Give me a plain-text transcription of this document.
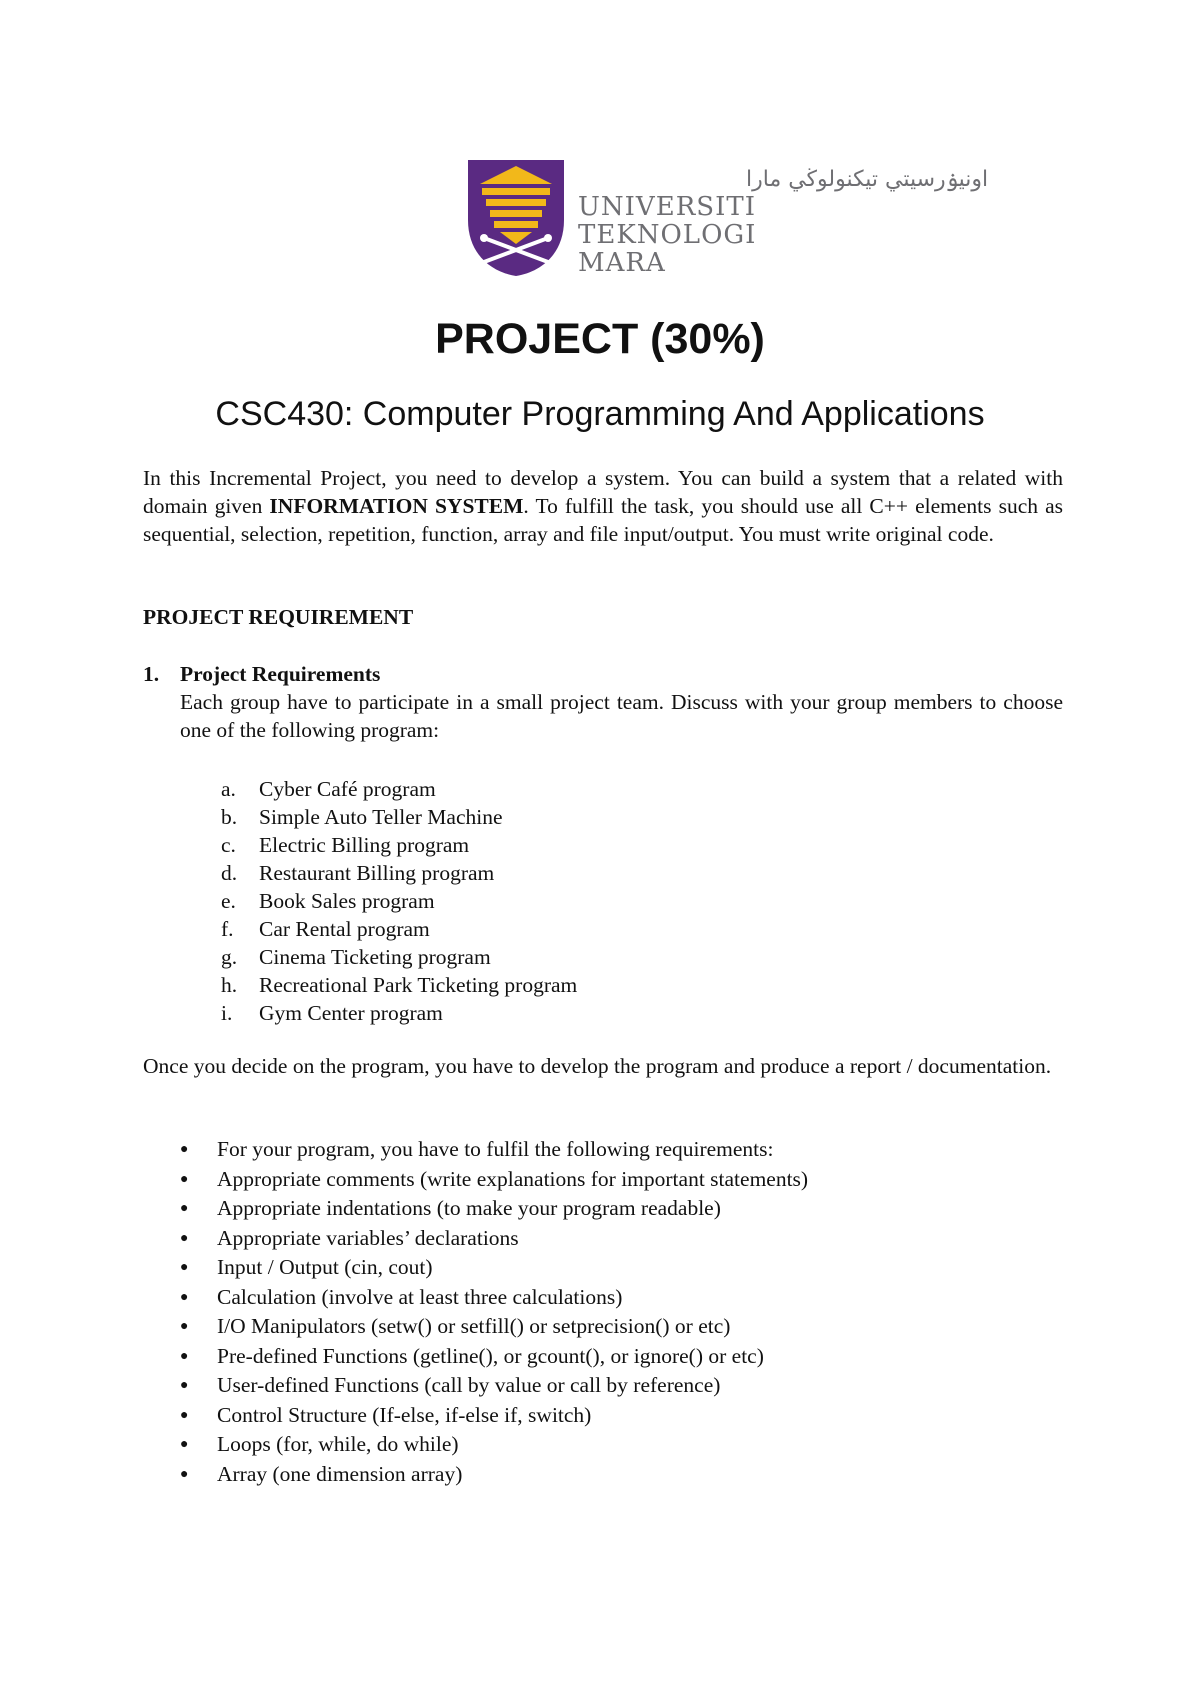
اونيۏرسيتي تيكنولوڬي مارا
UNIVERSITI
TEKNOLOGI
MARA
PROJECT (30%)
CSC430: Computer Programming And Applications

In this Incremental Project, you need to develop a system. You can build a system that a related with domain given INFORMATION SYSTEM. To fulfill the task, you should use all C++ elements such as sequential, selection, repetition, function, array and file input/output. You must write original code.

PROJECT REQUIREMENT
1. Project Requirements
Each group have to participate in a small project team. Discuss with your group members to choose one of the following program:
a.	Cyber Café program
b.	Simple Auto Teller Machine
c.	Electric Billing program
d.	Restaurant Billing program
e.	Book Sales program
f.	Car Rental program
g.	Cinema Ticketing program
h.	Recreational Park Ticketing program
i.	Gym Center program

Once you decide on the program, you have to develop the program and produce a report / documentation.

●	For your program, you have to fulfil the following requirements:
●	Appropriate comments (write explanations for important statements)
●	Appropriate indentations (to make your program readable)
●	Appropriate variables’ declarations
●	Input / Output (cin, cout)
●	Calculation (involve at least three calculations)
●	I/O Manipulators (setw() or setfill() or setprecision() or etc)
●	Pre-defined Functions (getline(), or gcount(), or ignore() or etc)
●	User-defined Functions (call by value or call by reference)
●	Control Structure (If-else, if-else if, switch)
●	Loops (for, while, do while)
●	Array (one dimension array)
